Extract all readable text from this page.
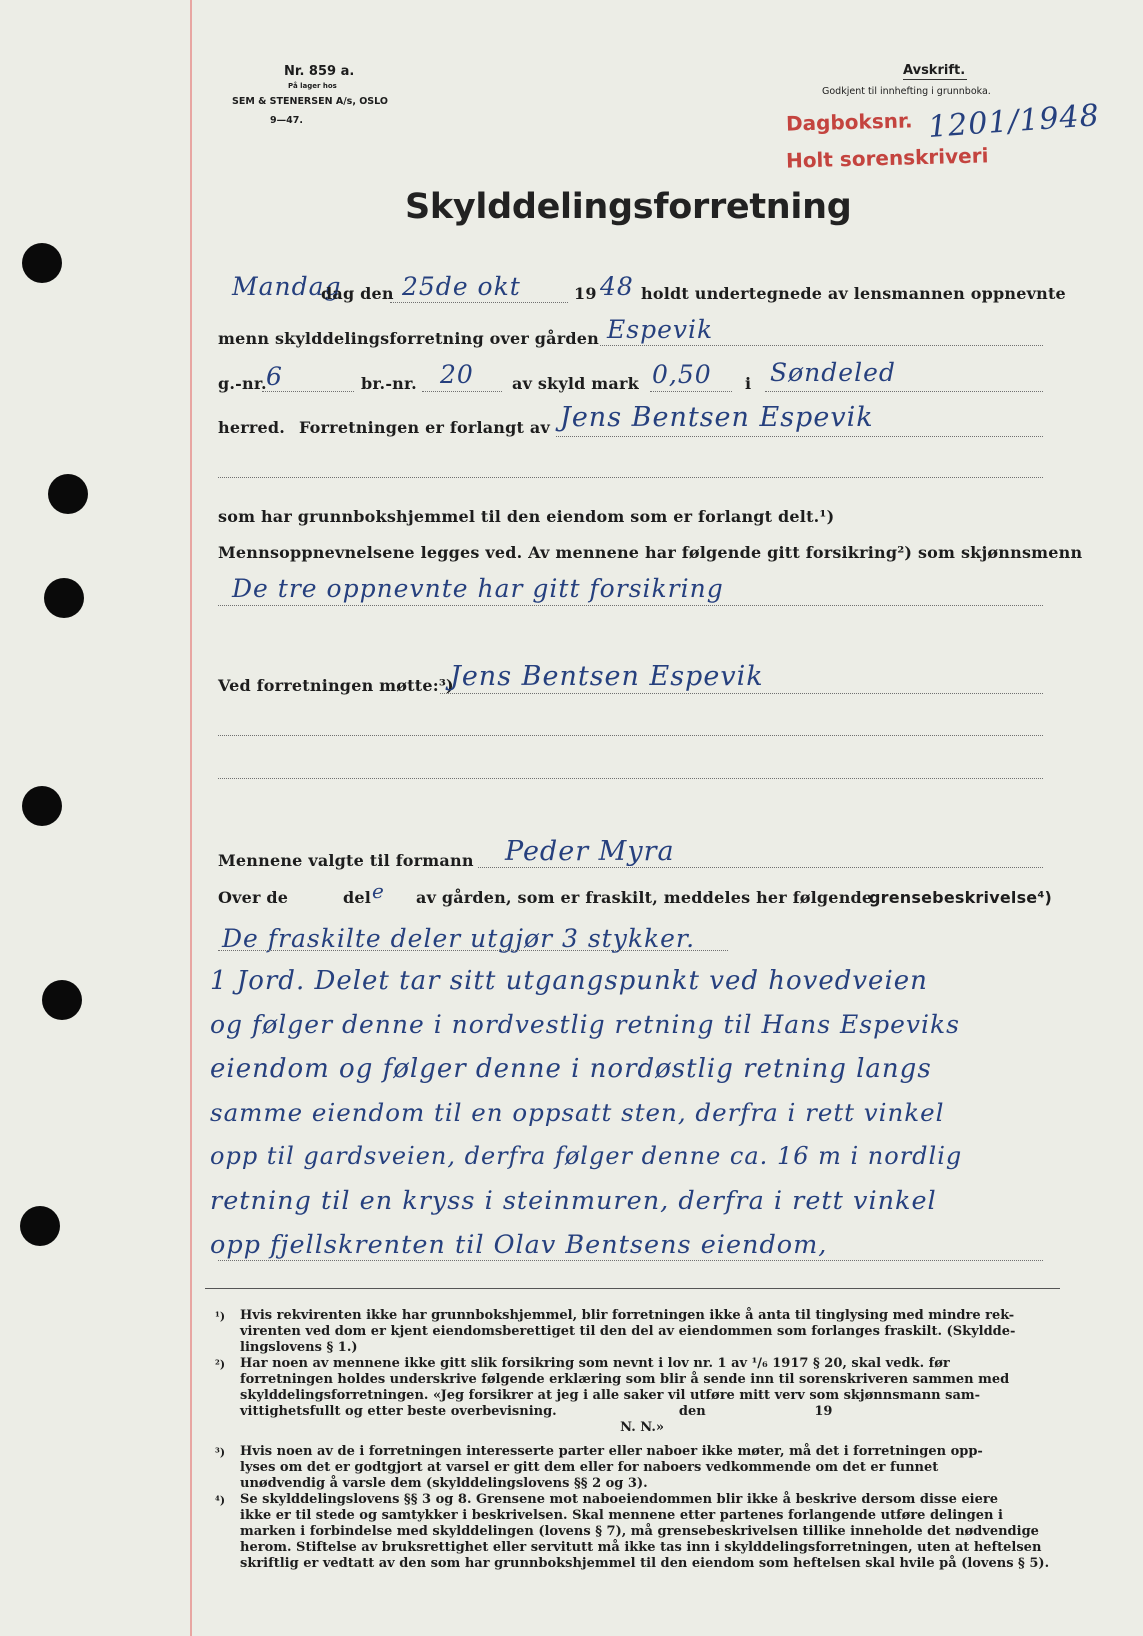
Nr. 859 a.
På lager hos
SEM & STENERSEN A/s, OSLO
9—47.
Avskrift.
Godkjent til innhefting i grunnboka.
Dagboksnr. 1201/1948
Holt sorenskriveri
Skylddelingsforretning
Mandag
dag den 25de okt	19 48 holdt undertegnede av lensmannen oppnevnte
menn skylddelingsforretning over gården Espevik
g.-nr. 6	br.-nr. 20 av skyld mark 0,50 i Søndeled
herred. Forretningen er forlangt av Jens Bentsen Espevik
som har grunnbokshjemmel til den eiendom som er forlangt delt.¹)
Mennsoppnevnelsene legges ved. Av mennene har følgende gitt forsikring²) som skjønnsmenn
De tre oppnevnte har gitt forsikring
Ved forretningen møtte:³)
Jens Bentsen Espevik
Mennene valgte til formann Peder Myra
Over de	del e av gården, som er fraskilt, meddeles her følgende
grensebeskrivelse⁴)
De fraskilte deler utgjør 3 stykker.
1 Jord. Delet tar sitt utgangspunkt ved hovedveien
og følger denne i nordvestlig retning til Hans Espeviks
eiendom og følger denne i nordøstlig retning langs
samme eiendom til en oppsatt sten, derfra i rett vinkel
opp til gardsveien, derfra følger denne ca. 16 m i nordlig
retning til en kryss i steinmuren, derfra i rett vinkel
opp fjellskrenten til Olav Bentsens eiendom,
¹) Hvis rekvirenten ikke har grunnbokshjemmel, blir forretningen ikke å anta til tinglysing med mindre rek-
virenten ved dom er kjent eiendomsberettiget til den del av eiendommen som forlanges fraskilt. (Skyldde-
lingslovens § 1.)
²) Har noen av mennene ikke gitt slik forsikring som nevnt i lov nr. 1 av ¹/₆ 1917 § 20, skal vedk. før
forretningen holdes underskrive følgende erklæring som blir å sende inn til sorenskriveren sammen med
skylddelingsforretningen. «Jeg forsikrer at jeg i alle saker vil utføre mitt verv som skjønnsmann sam-
vittighetsfullt og etter beste overbevisning.                           den                        19
N. N.»
³) Hvis noen av de i forretningen interesserte parter eller naboer ikke møter, må det i forretningen opp-
lyses om det er godtgjort at varsel er gitt dem eller for naboers vedkommende om det er funnet
unødvendig å varsle dem (skylddelingslovens §§ 2 og 3).
⁴) Se skylddelingslovens §§ 3 og 8. Grensene mot naboeiendommen blir ikke å beskrive dersom disse eiere
ikke er til stede og samtykker i beskrivelsen. Skal mennene etter partenes forlangende utføre delingen i
marken i forbindelse med skylddelingen (lovens § 7), må grensebeskrivelsen tillike inneholde det nødvendige
herom. Stiftelse av bruksrettighet eller servitutt må ikke tas inn i skylddelingsforretningen, uten at heftelsen
skriftlig er vedtatt av den som har grunnbokshjemmel til den eiendom som heftelsen skal hvile på (lovens § 5).
